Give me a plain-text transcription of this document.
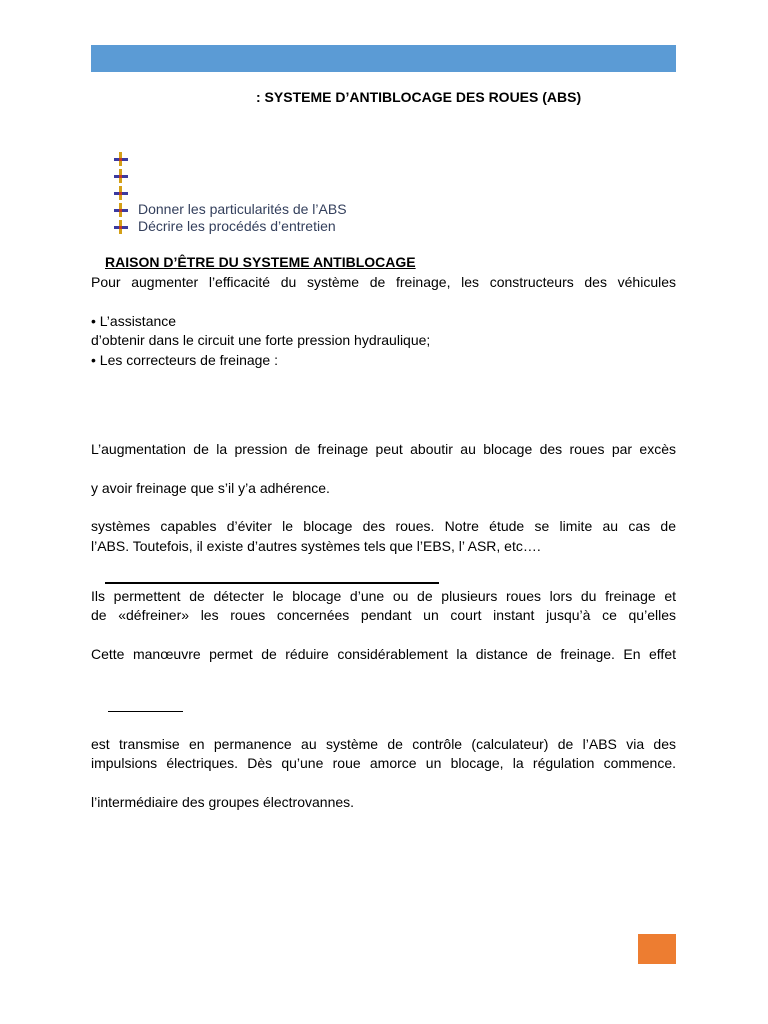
: SYSTEME D’ANTIBLOCAGE DES ROUES (ABS)
Donner les particularités de l’ABS
Décrire les procédés d’entretien
RAISON D’ÊTRE DU SYSTEME ANTIBLOCAGE
Pour augmenter l’efficacité du système de freinage, les constructeurs des véhicules
• L’assistance
d’obtenir dans le circuit une forte pression hydraulique;
• Les correcteurs de freinage :
L’augmentation de la pression de freinage peut aboutir au blocage des roues par excès
y avoir freinage que s’il y’a adhérence.
systèmes capables d’éviter le blocage des roues. Notre étude se limite au cas de
l’ABS. Toutefois, il existe d’autres systèmes tels que l’EBS, l’ ASR, etc….
Ils permettent de détecter le blocage d’une ou de plusieurs roues lors du freinage et
de «défreiner» les roues concernées pendant un court instant jusqu’à ce qu’elles
Cette manœuvre permet de réduire considérablement la distance de freinage. En effet
est transmise en permanence au système de contrôle (calculateur) de l’ABS via des
impulsions électriques. Dès qu’une roue amorce un blocage, la régulation commence.
l’intermédiaire des groupes électrovannes.
